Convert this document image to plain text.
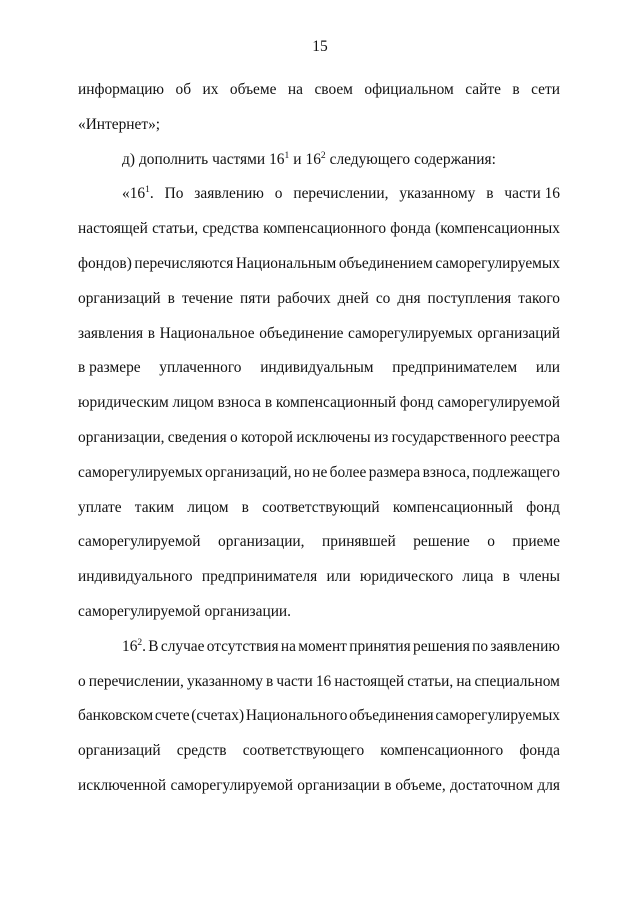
15
информацию об их объеме на своем официальном сайте в сети
«Интернет»;
д) дополнить частями $16^1$ и $16^2$ следующего содержания:
«$16^1$. По заявлению о перечислении, указанному в части 16
настоящей статьи, средства компенсационного фонда (компенсационных
фондов) перечисляются Национальным объединением саморегулируемых
организаций в течение пяти рабочих дней со дня поступления такого
заявления в Национальное объединение саморегулируемых организаций
в размере уплаченного индивидуальным предпринимателем или
юридическим лицом взноса в компенсационный фонд саморегулируемой
организации, сведения о которой исключены из государственного реестра
саморегулируемых организаций, но не более размера взноса, подлежащего
уплате таким лицом в соответствующий компенсационный фонд
саморегулируемой организации, принявшей решение о приеме
индивидуального предпринимателя или юридического лица в члены
саморегулируемой организации.
$16^2$. В случае отсутствия на момент принятия решения по заявлению
о перечислении, указанному в части 16 настоящей статьи, на специальном
банковском счете (счетах) Национального объединения саморегулируемых
организаций средств соответствующего компенсационного фонда
исключенной саморегулируемой организации в объеме, достаточном для
